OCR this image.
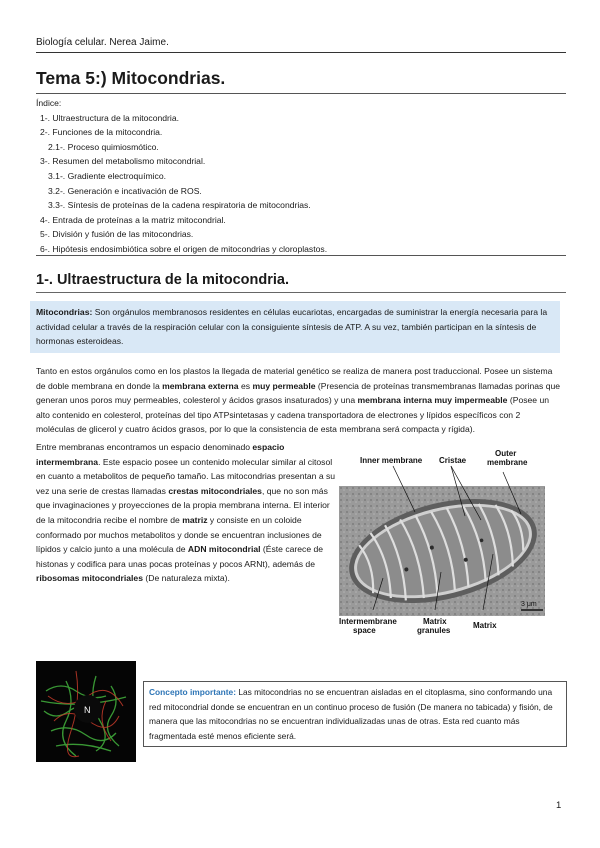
Biología celular. Nerea Jaime.
Tema 5:) Mitocondrias.
Índice:
1-. Ultraestructura de la mitocondria.
2-. Funciones de la mitocondria.
2.1-. Proceso quimiosmótico.
3-. Resumen del metabolismo mitocondrial.
3.1-. Gradiente electroquímico.
3.2-. Generación e incativación de ROS.
3.3-. Síntesis de proteínas de la cadena respiratoria de mitocondrias.
4-. Entrada de proteínas a la matriz mitocondrial.
5-. División y fusión de las mitocondrias.
6-. Hipótesis endosimbiótica sobre el origen de mitocondrias y cloroplastos.
1-. Ultraestructura de la mitocondria.
Mitocondrias: Son orgánulos membranosos residentes en células eucariotas, encargadas de suministrar la energía necesaria para la actividad celular a través de la respiración celular con la consiguiente síntesis de ATP. A su vez, también participan en la síntesis de hormonas esteroideas.
Tanto en estos orgánulos como en los plastos la llegada de material genético se realiza de manera post traduccional. Posee un sistema de doble membrana en donde la membrana externa es muy permeable (Presencia de proteínas transmembranas llamadas porinas que generan unos poros muy permeables, colesterol y ácidos grasos insaturados) y una membrana interna muy impermeable (Posee un alto contenido en colesterol, proteínas del tipo ATPsintetasas y cadena transportadora de electrones y lípidos específicos con 2 moléculas de glicerol y cuatro ácidos grasos, por lo que la consistencia de esta membrana será compacta y rígida).
Entre membranas encontramos un espacio denominado espacio intermembrana. Este espacio posee un contenido molecular similar al citosol en cuanto a metabolitos de pequeño tamaño. Las mitocondrias presentan a su vez una serie de crestas llamadas crestas mitocondriales, que no son más que invaginaciones y proyecciones de la propia membrana interna. El interior de la mitocondria recibe el nombre de matriz y consiste en un coloide conformado por muchos metabolitos y donde se encuentran inclusiones de lípidos y calcio junto a una molécula de ADN mitocondrial (Éste carece de histonas y codifica para unas pocas proteínas y pocos ARNt), además de ribosomas mitocondriales (De naturaleza mixta).
Inner membrane Cristae
Outer membrane
Intermembrane space
Matrix granules
Matrix
3 μm
N
Concepto importante: Las mitocondrias no se encuentran aisladas en el citoplasma, sino conformando una red mitocondrial donde se encuentran en un continuo proceso de fusión (De manera no tabicada) y fisión, de manera que las mitocondrias no se encuentran individualizadas unas de otras. Esta red cuanto más fragmentada esté menos eficiente será.
1
